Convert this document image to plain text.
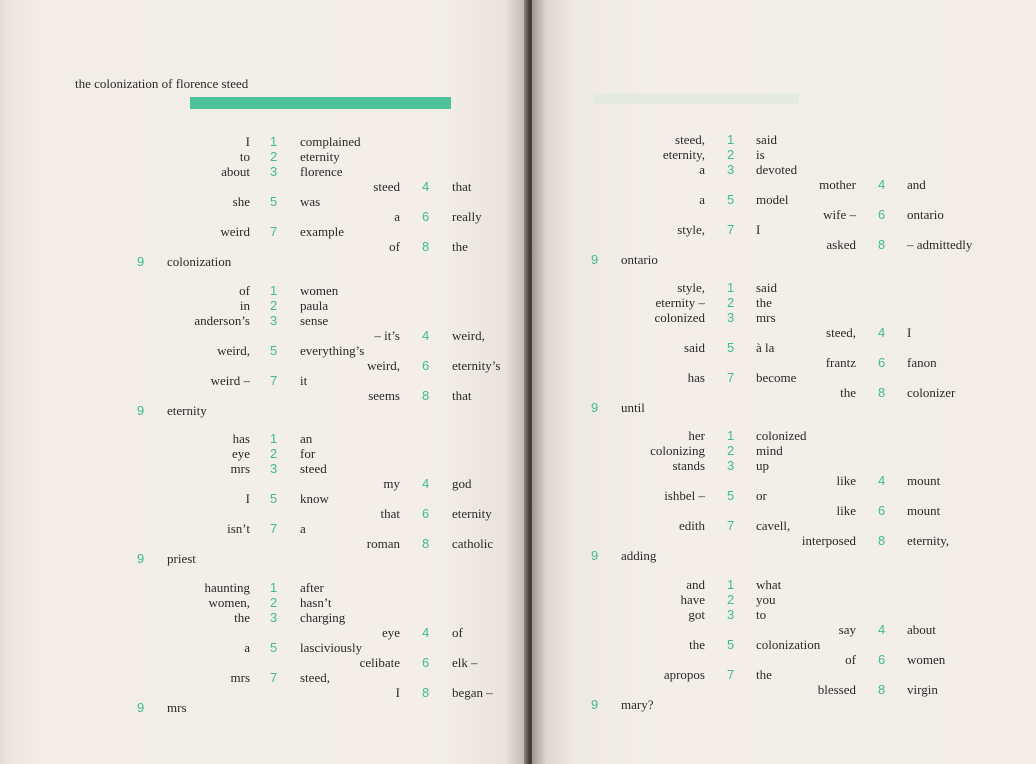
the colonization of florence steed
I 1 complained
to 2 eternity
about 3 florence
steed 4 that
she 5 was
a 6 really
weird 7 example
of 8 the
9 colonization
of 1 women
in 2 paula
anderson’s 3 sense
– it’s 4 weird,
weird, 5 everything’s
weird, 6 eternity’s
weird – 7 it
seems 8 that
9 eternity
has 1 an
eye 2 for
mrs 3 steed
my 4 god
I 5 know
that 6 eternity
isn’t 7 a
roman 8 catholic
9 priest
haunting 1 after
women, 2 hasn’t
the 3 charging
eye 4 of
a 5 lasciviously
celibate 6 elk –
mrs 7 steed,
I 8 began –
9 mrs
steed, 1 said
eternity, 2 is
a 3 devoted
mother 4 and
a 5 model
wife – 6 ontario
style, 7 I
asked 8 – admittedly
9 ontario
style, 1 said
eternity – 2 the
colonized 3 mrs
steed, 4 I
said 5 à la
frantz 6 fanon
has 7 become
the 8 colonizer
9 until
her 1 colonized
colonizing 2 mind
stands 3 up
like 4 mount
ishbel – 5 or
like 6 mount
edith 7 cavell,
interposed 8 eternity,
9 adding
and 1 what
have 2 you
got 3 to
say 4 about
the 5 colonization
of 6 women
apropos 7 the
blessed 8 virgin
9 mary?
